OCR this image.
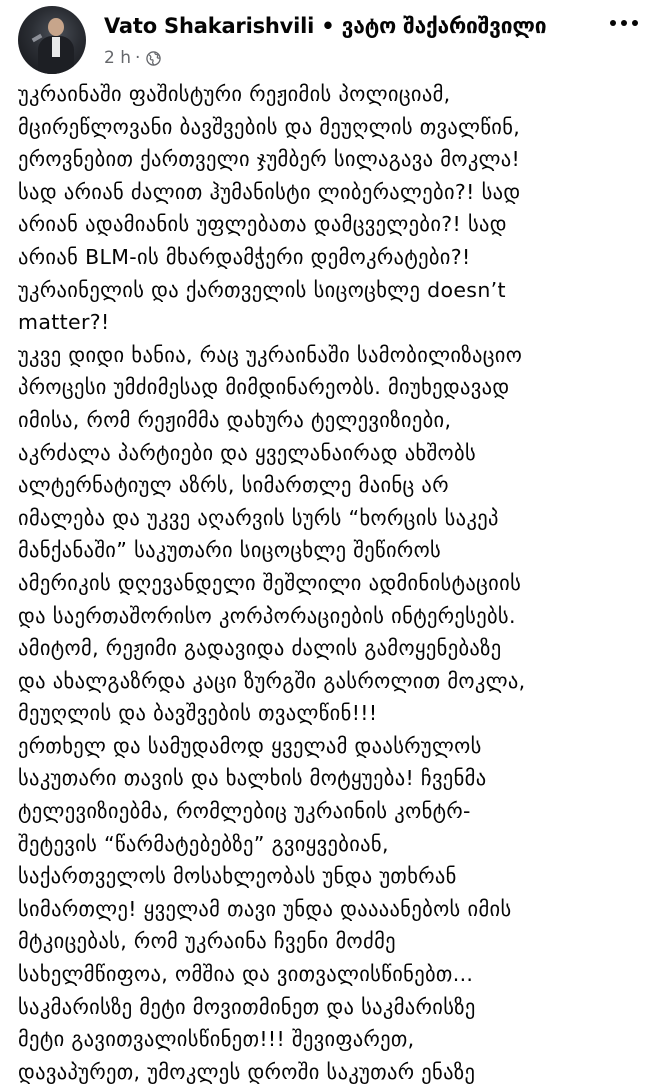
Vato Shakarishvili • ვატო შაქარიშვილი
2 h ·

უკრაინაში ფაშისტური რეჟიმის პოლიციამ,
მცირეწლოვანი ბავშვების და მეუღლის თვალწინ,
ეროვნებით ქართველი ჯუმბერ სილაგავა მოკლა!
სად არიან ძალით ჰუმანისტი ლიბერალები?! სად
არიან ადამიანის უფლებათა დამცველები?! სად
არიან BLM-ის მხარდამჭერი დემოკრატები?!
უკრაინელის და ქართველის სიცოცხლე doesn’t
matter?!

უკვე დიდი ხანია, რაც უკრაინაში სამობილიზაციო
პროცესი უმძიმესად მიმდინარეობს. მიუხედავად
იმისა, რომ რეჟიმმა დახურა ტელევიზიები,
აკრძალა პარტიები და ყველანაირად ახშობს
ალტერნატიულ აზრს, სიმართლე მაინც არ
იმალება და უკვე აღარვის სურს “ხორცის საკეპ
მანქანაში” საკუთარი სიცოცხლე შეწიროს
ამერიკის დღევანდელი შეშლილი ადმინისტაციის
და საერთაშორისო კორპორაციების ინტერესებს.
ამიტომ, რეჟიმი გადავიდა ძალის გამოყენებაზე
და ახალგაზრდა კაცი ზურგში გასროლით მოკლა,
მეუღლის და ბავშვების თვალწინ!!!

ერთხელ და სამუდამოდ ყველამ დაასრულოს
საკუთარი თავის და ხალხის მოტყუება! ჩვენმა
ტელევიზიებმა, რომლებიც უკრაინის კონტრ-
შეტევის “წარმატებებზე” გვიყვებიან,
საქართველოს მოსახლეობას უნდა უთხრან
სიმართლე! ყველამ თავი უნდა დაააანებოს იმის
მტკიცებას, რომ უკრაინა ჩვენი მოძმე
სახელმწიფოა, ომშია და ვითვალისწინებთ...
საკმარისზე მეტი მოვითმინეთ და საკმარისზე
მეტი გავითვალისწინეთ!!! შევიფარეთ,
დავაპურეთ, უმოკლეს დროში საკუთარ ენაზე
